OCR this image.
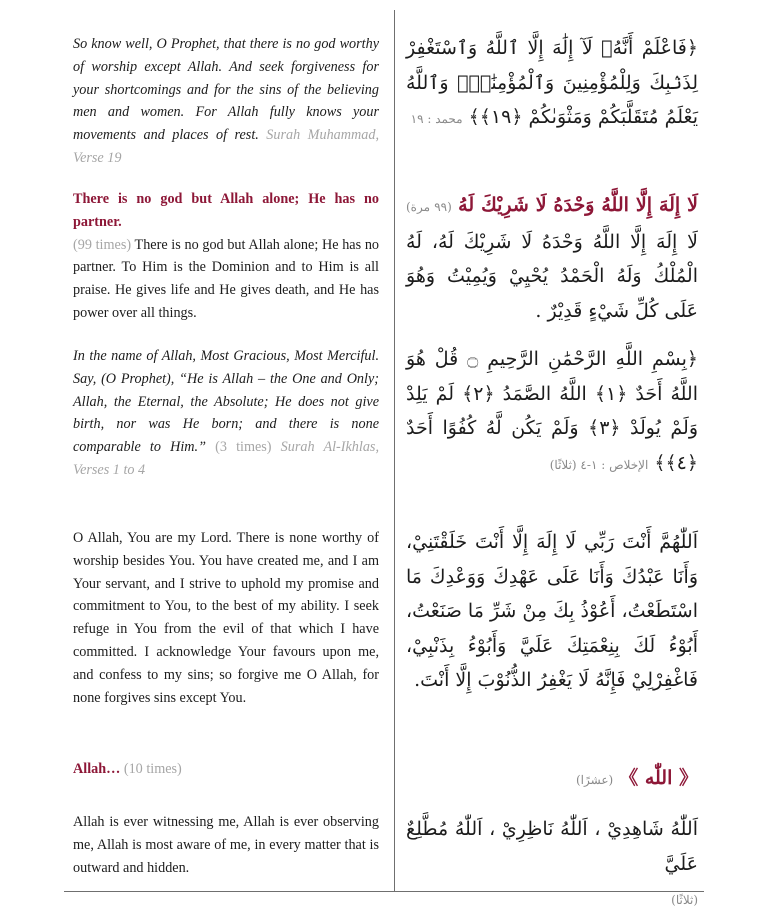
So know well, O Prophet, that there is no god worthy of worship except Allah. And seek forgiveness for your shortcomings and for the sins of the believing men and women. For Allah fully knows your movements and places of rest. Surah Muhammad, Verse 19

﴿فَاعْلَمْ أَنَّهُۥ لَآ إِلَٰهَ إِلَّا ٱللَّهُ وَٱسْتَغْفِرْ لِذَنۢبِكَ وَلِلْمُؤْمِنِينَ وَٱلْمُؤْمِنَٰتِۗ وَٱللَّهُ يَعْلَمُ مُتَقَلَّبَكُمْ وَمَثْوَىٰكُمْ ﴿١٩﴾﴾ محمد : ١٩

There is no god but Allah alone; He has no partner.
(99 times) There is no god but Allah alone; He has no partner. To Him is the Dominion and to Him is all praise. He gives life and He gives death, and He has power over all things.

لَا إِلَهَ إِلَّا اللَّهُ وَحْدَهُ لَا شَرِيْكَ لَهُ (٩٩ مرة) لَا إِلَهَ إِلَّا اللَّهُ وَحْدَهُ لَا شَرِيْكَ لَهُ، لَهُ الْمُلْكُ وَلَهُ الْحَمْدُ يُحْيِيْ وَيُمِيْتُ وَهُوَ عَلَى كُلِّ شَيْءٍ قَدِيْرٌ .

In the name of Allah, Most Gracious, Most Merciful. Say, (O Prophet), “He is Allah – the One and Only; Allah, the Eternal, the Absolute; He does not give birth, nor was He born; and there is none comparable to Him.” (3 times) Surah Al-Ikhlas, Verses 1 to 4

﴿بِسْمِ اللَّهِ الرَّحْمَٰنِ الرَّحِيمِ ۝ قُلْ هُوَ اللَّهُ أَحَدٌ ﴿١﴾ اللَّهُ الصَّمَدُ ﴿٢﴾ لَمْ يَلِدْ وَلَمْ يُولَدْ ﴿٣﴾ وَلَمْ يَكُن لَّهُ كُفُوًا أَحَدٌ ﴿٤﴾﴾ الإخلاص : ١-٤ (ثلاثًا)

O Allah, You are my Lord. There is none worthy of worship besides You. You have created me, and I am Your servant, and I strive to uphold my promise and commitment to You, to the best of my ability. I seek refuge in You from the evil of that which I have committed. I acknowledge Your favours upon me, and confess to my sins; so forgive me O Allah, for none forgives sins except You.

اَللّٰهُمَّ أَنْتَ رَبِّي لَا إِلَهَ إِلَّا أَنْتَ خَلَقْتَنِيْ، وَأَنَا عَبْدُكَ وَأَنَا عَلَى عَهْدِكَ وَوَعْدِكَ مَا اسْتَطَعْتُ، أَعُوْذُ بِكَ مِنْ شَرِّ مَا صَنَعْتُ، أَبُوْءُ لَكَ بِنِعْمَتِكَ عَلَيَّ وَأَبُوْءُ بِذَنْبِيْ، فَاغْفِرْلِيْ فَإِنَّهُ لَا يَغْفِرُ الذُّنُوْبَ إِلَّا أَنْتَ.

Allah… (10 times)	《 اللّٰه 》 (عشرًا)

Allah is ever witnessing me, Allah is ever observing me, Allah is most aware of me, in every matter that is outward and hidden.

اَللّٰهُ شَاهِدِيْ ، اَللّٰهُ نَاظِرِيْ ، اَللّٰهُ مُطَّلِعٌ عَلَيَّ
(ثلاثًا)
